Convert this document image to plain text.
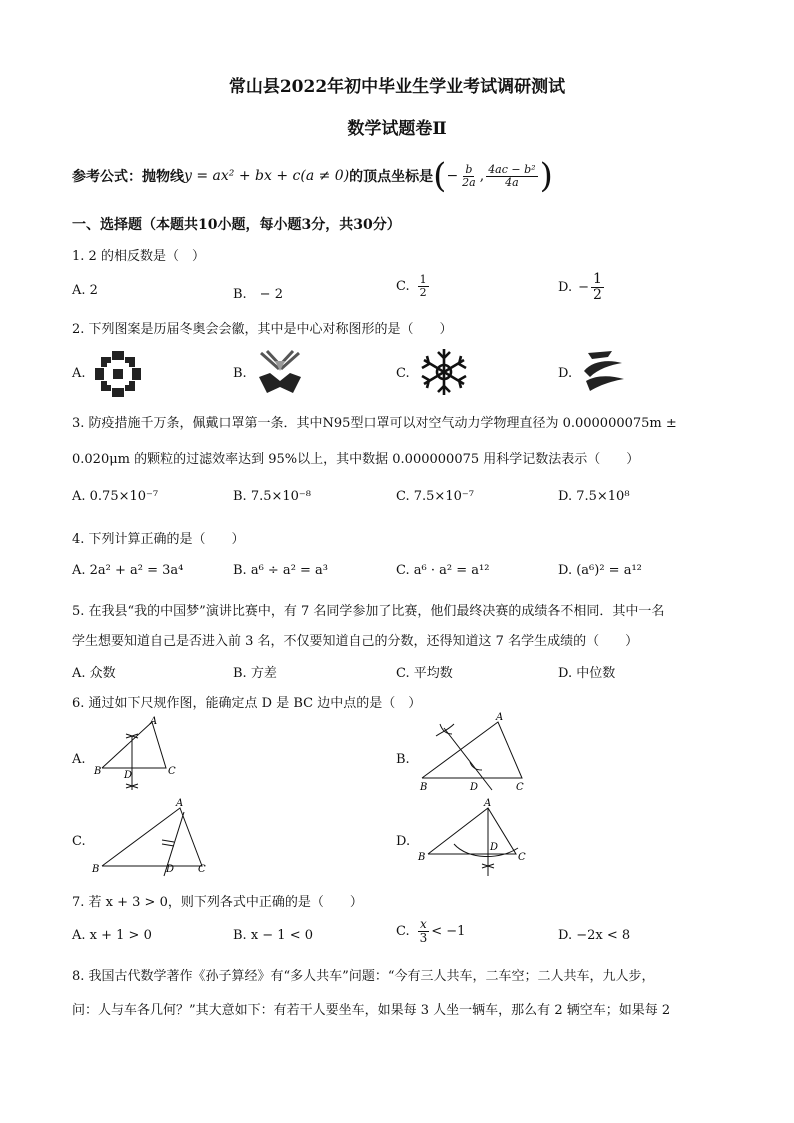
常山县2022年初中毕业生学业考试调研测试
数学试题卷Ⅱ
参考公式：抛物线 y = ax² + bx + c(a ≠ 0) 的顶点坐标是 ( − $\frac{b}{2a}$ , $\frac{\text{4ac − b²}}{4a}$ )
一、选择题（本题共10小题，每小题3分，共30分）
1. 2 的相反数是（　）
A. 2	B.　− 2
C. $\frac{1}{2}$	D. − $\frac{1}{2}$
2. 下列图案是历届冬奥会会徽，其中是中心对称图形的是（　　）
A.	B.	C.	D.
3. 防疫措施千万条，佩戴口罩第一条．其中N95型口罩可以对空气动力学物理直径为 0.000000075m ±
0.020μm 的颗粒的过滤效率达到 95%以上，其中数据 0.000000075 用科学记数法表示（　　）
A. 0.75×10⁻⁷	B. 7.5×10⁻⁸	C. 7.5×10⁻⁷	D. 7.5×10⁸
4. 下列计算正确的是（　　）
A. 2a² + a² = 3a⁴	B. a⁶ ÷ a² = a³	C. a⁶ · a² = a¹²	D. (a⁶)² = a¹²
5. 在我县“我的中国梦”演讲比赛中，有 7 名同学参加了比赛，他们最终决赛的成绩各不相同．其中一名
学生想要知道自己是否进入前 3 名，不仅要知道自己的分数，还得知道这 7 名学生成绩的（　　）
A. 众数	B. 方差	C. 平均数	D. 中位数
6. 通过如下尺规作图，能确定点 D 是 BC 边中点的是（　）
A.	B.
C.	D.
B
A
C
D
B
A
C
D
B
A
C
D
B
A
C
D
7. 若 x + 3 > 0，则下列各式中正确的是（　　）
A. x + 1 > 0	B. x − 1 < 0	C. $\frac{x}{3} < -1$	D. −2x < 8
8. 我国古代数学著作《孙子算经》有“多人共车”问题：“今有三人共车，二车空；二人共车，九人步，
问：人与车各几何？”其大意如下：有若干人要坐车，如果每 3 人坐一辆车，那么有 2 辆空车；如果每 2
